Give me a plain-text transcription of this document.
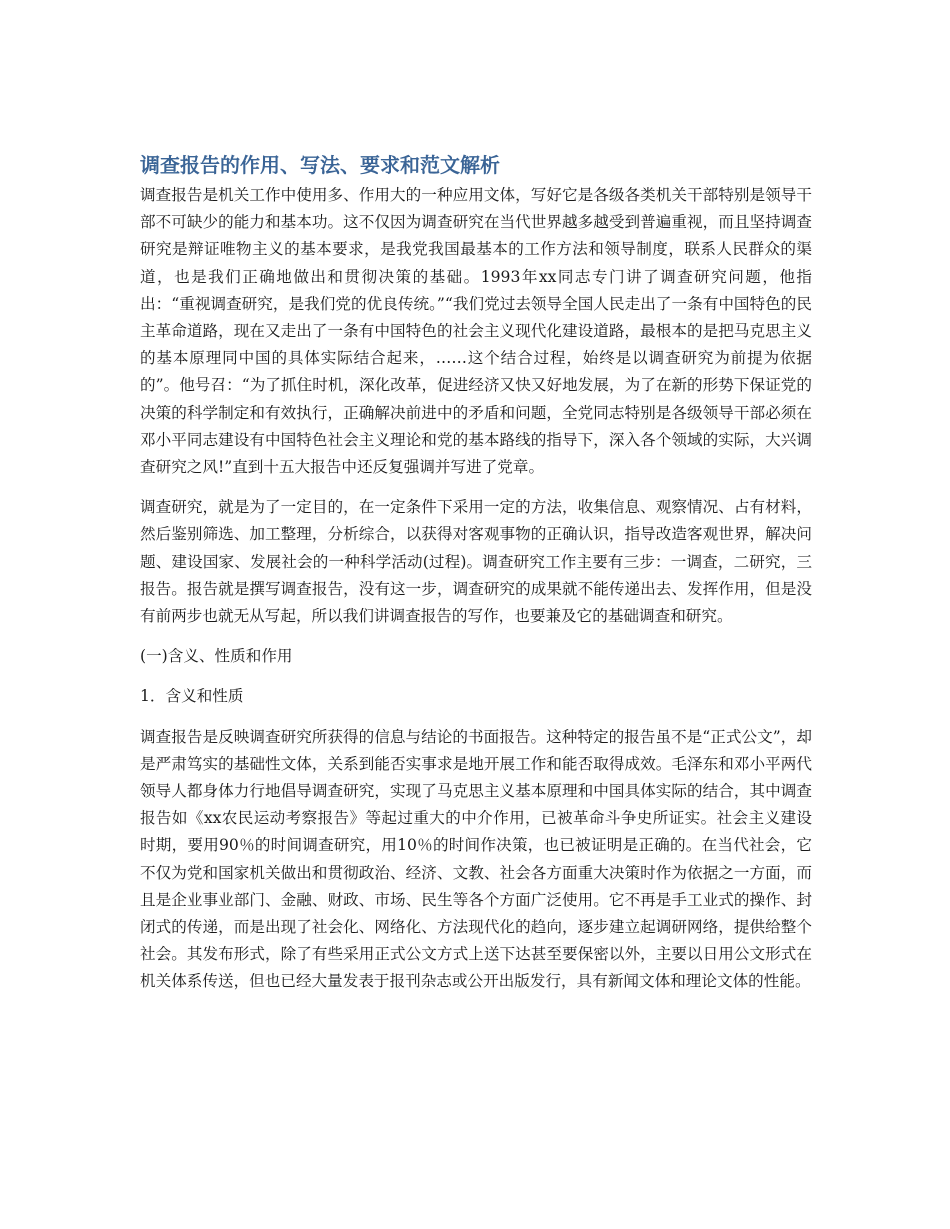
调查报告的作用、写法、要求和范文解析

调查报告是机关工作中使用多、作用大的一种应用文体，写好它是各级各类机关干部特别是领导干部不可缺少的能力和基本功。这不仅因为调查研究在当代世界越多越受到普遍重视，而且坚持调查研究是辩证唯物主义的基本要求，是我党我国最基本的工作方法和领导制度，联系人民群众的渠道，也是我们正确地做出和贯彻决策的基础。1993年xx同志专门讲了调查研究问题，他指出：“重视调查研究，是我们党的优良传统。”“我们党过去领导全国人民走出了一条有中国特色的民主革命道路，现在又走出了一条有中国特色的社会主义现代化建设道路，最根本的是把马克思主义的基本原理同中国的具体实际结合起来，……这个结合过程，始终是以调查研究为前提为依据的”。他号召：“为了抓住时机，深化改革，促进经济又快又好地发展，为了在新的形势下保证党的决策的科学制定和有效执行，正确解决前进中的矛盾和问题，全党同志特别是各级领导干部必须在邓小平同志建设有中国特色社会主义理论和党的基本路线的指导下，深入各个领域的实际，大兴调查研究之风!”直到十五大报告中还反复强调并写进了党章。

调查研究，就是为了一定目的，在一定条件下采用一定的方法，收集信息、观察情况、占有材料，然后鉴别筛选、加工整理，分析综合，以获得对客观事物的正确认识，指导改造客观世界，解决问题、建设国家、发展社会的一种科学活动(过程)。调查研究工作主要有三步：一调查，二研究，三报告。报告就是撰写调查报告，没有这一步，调查研究的成果就不能传递出去、发挥作用，但是没有前两步也就无从写起，所以我们讲调查报告的写作，也要兼及它的基础调查和研究。

(一)含义、性质和作用

1．含义和性质

调查报告是反映调查研究所获得的信息与结论的书面报告。这种特定的报告虽不是“正式公文”，却是严肃笃实的基础性文体，关系到能否实事求是地开展工作和能否取得成效。毛泽东和邓小平两代领导人都身体力行地倡导调查研究，实现了马克思主义基本原理和中国具体实际的结合，其中调查报告如《xx农民运动考察报告》等起过重大的中介作用，已被革命斗争史所证实。社会主义建设时期，要用90％的时间调查研究，用10％的时间作决策，也已被证明是正确的。在当代社会，它不仅为党和国家机关做出和贯彻政治、经济、文教、社会各方面重大决策时作为依据之一方面，而且是企业事业部门、金融、财政、市场、民生等各个方面广泛使用。它不再是手工业式的操作、封闭式的传递，而是出现了社会化、网络化、方法现代化的趋向，逐步建立起调研网络，提供给整个社会。其发布形式，除了有些采用正式公文方式上送下达甚至要保密以外，主要以日用公文形式在机关体系传送，但也已经大量发表于报刊杂志或公开出版发行，具有新闻文体和理论文体的性能。
